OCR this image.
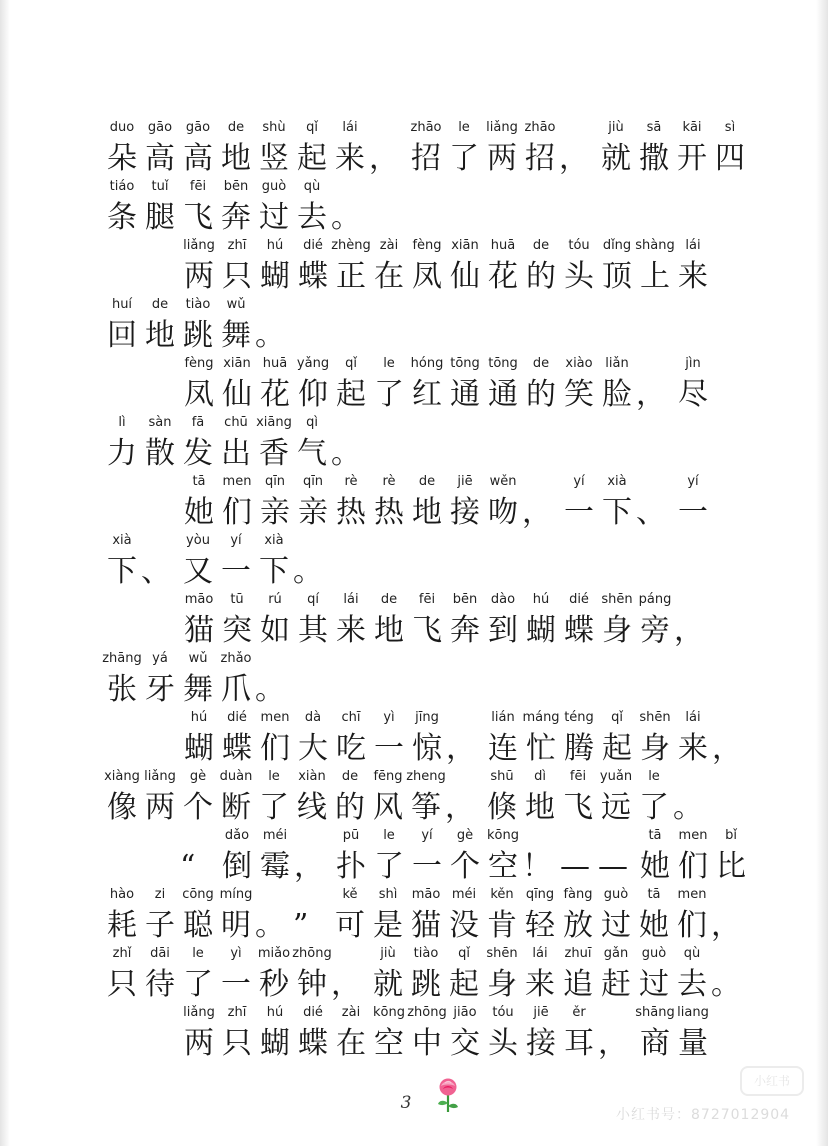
duo
朵
gāo
高
gāo
高
de
地
shù
竖
qǐ
起
lái
来 ，
zhāo
招
le
了
liǎng
两
zhāo
招 ，
jiù
就
sā
撒
kāi
开
sì
四
tiáo
条
tuǐ
腿
fēi
飞
bēn
奔
guò
过
qù
去 。
liǎng
两
zhī
只
hú
蝴
dié
蝶
zhèng
正
zài
在
fèng
凤
xiān
仙
huā
花
de
的
tóu
头
dǐng
顶
shàng
上
lái
来
huí
回
de
地
tiào
跳
wǔ
舞 。
fèng
凤
xiān
仙
huā
花
yǎng
仰
qǐ
起
le
了
hóng
红
tōng
通
tōng
通
de
的
xiào
笑
liǎn
脸 ，
jìn
尽
lì
力
sàn
散
fā
发
chū
出
xiāng
香
qì
气 。
tā
她
men
们
qīn
亲
qīn
亲
rè
热
rè
热
de
地
jiē
接
wěn
吻 ，
yí
一
xià
下 、
yí
一
xià
下 、
yòu
又
yí
一
xià
下 。
māo
猫
tū
突
rú
如
qí
其
lái
来
de
地
fēi
飞
bēn
奔
dào
到
hú
蝴
dié
蝶
shēn
身
páng
旁 ，
zhāng
张
yá
牙
wǔ
舞
zhǎo
爪 。
hú
蝴
dié
蝶
men
们
dà
大
chī
吃
yì
一
jīng
惊 ，
lián
连
máng
忙
téng
腾
qǐ
起
shēn
身
lái
来 ，
xiàng
像
liǎng
两
gè
个
duàn
断
le
了
xiàn
线
de
的
fēng
风
zheng
筝 ，
shū
倏
dì
地
fēi
飞
yuǎn
远
le
了 。
“
dǎo
倒
méi
霉 ，
pū
扑
le
了
yí
一
gè
个
kōng
空 ！ — —
tā
她
men
们
bǐ
比
hào
耗
zi
子
cōng
聪
míng
明 。 ”
kě
可
shì
是
māo
猫
méi
没
kěn
肯
qīng
轻
fàng
放
guò
过
tā
她
men
们 ，
zhǐ
只
dāi
待
le
了
yì
一
miǎo
秒
zhōng
钟 ，
jiù
就
tiào
跳
qǐ
起
shēn
身
lái
来
zhuī
追
gǎn
赶
guò
过
qù
去 。
liǎng
两
zhī
只
hú
蝴
dié
蝶
zài
在
kōng
空
zhōng
中
jiāo
交
tóu
头
jiē
接
ěr
耳 ，
shāng
商
liang
量
3
小红书
小红书号：8727012904
